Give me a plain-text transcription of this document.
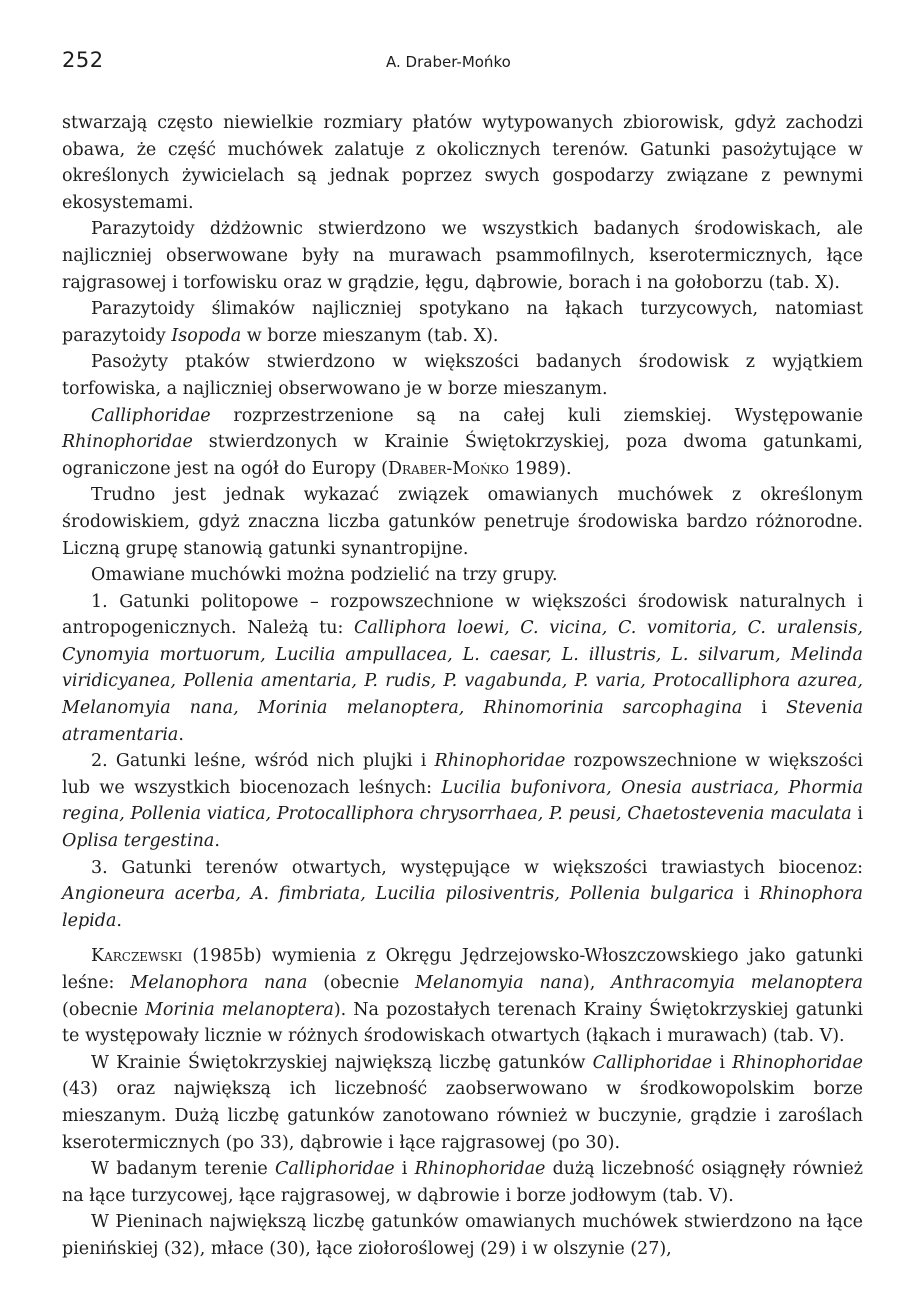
252	A. Draber-Mońko

stwarzają często niewielkie rozmiary płatów wytypowanych zbiorowisk, gdyż zachodzi obawa, że część muchówek zalatuje z okolicznych terenów. Gatunki pasożytujące w określonych żywicielach są jednak poprzez swych gospodarzy związane z pewnymi ekosystemami.

Parazytoidy dżdżownic stwierdzono we wszystkich badanych środowiskach, ale najliczniej obserwowane były na murawach psammofilnych, kserotermicznych, łące rajgrasowej i torfowisku oraz w grądzie, łęgu, dąbrowie, borach i na gołoborzu (tab. X).

Parazytoidy ślimaków najliczniej spotykano na łąkach turzycowych, natomiast parazytoidy Isopoda w borze mieszanym (tab. X).

Pasożyty ptaków stwierdzono w większości badanych środowisk z wyjątkiem torfowiska, a najliczniej obserwowano je w borze mieszanym.

Calliphoridae rozprzestrzenione są na całej kuli ziemskiej. Występowanie Rhinophoridae stwierdzonych w Krainie Świętokrzyskiej, poza dwoma gatunkami, ograniczone jest na ogół do Europy (Draber-Mońko 1989).

Trudno jest jednak wykazać związek omawianych muchówek z określonym środowiskiem, gdyż znaczna liczba gatunków penetruje środowiska bardzo różnorodne. Liczną grupę stanowią gatunki synantropijne.

Omawiane muchówki można podzielić na trzy grupy.

1. Gatunki politopowe – rozpowszechnione w większości środowisk naturalnych i antropogenicznych. Należą tu: Calliphora loewi, C. vicina, C. vomitoria, C. uralensis, Cynomyia mortuorum, Lucilia ampullacea, L. caesar, L. illustris, L. silvarum, Melinda viridicyanea, Pollenia amentaria, P. rudis, P. vagabunda, P. varia, Protocalliphora azurea, Melanomyia nana, Morinia melanoptera, Rhinomorinia sarcophagina i Stevenia atramentaria.

2. Gatunki leśne, wśród nich plujki i Rhinophoridae rozpowszechnione w większości lub we wszystkich biocenozach leśnych: Lucilia bufonivora, Onesia austriaca, Phormia regina, Pollenia viatica, Protocalliphora chrysorrhaea, P. peusi, Chaetostevenia maculata i Oplisa tergestina.

3. Gatunki terenów otwartych, występujące w większości trawiastych biocenoz: Angioneura acerba, A. fimbriata, Lucilia pilosiventris, Pollenia bulgarica i Rhinophora lepida.

Karczewski (1985b) wymienia z Okręgu Jędrzejowsko-Włoszczowskiego jako gatunki leśne: Melanophora nana (obecnie Melanomyia nana), Anthracomyia melanoptera (obecnie Morinia melanoptera). Na pozostałych terenach Krainy Świętokrzyskiej gatunki te występowały licznie w różnych środowiskach otwartych (łąkach i murawach) (tab. V).

W Krainie Świętokrzyskiej największą liczbę gatunków Calliphoridae i Rhinophoridae (43) oraz największą ich liczebność zaobserwowano w środkowopolskim borze mieszanym. Dużą liczbę gatunków zanotowano również w buczynie, grądzie i zaroślach kserotermicznych (po 33), dąbrowie i łące rajgrasowej (po 30).

W badanym terenie Calliphoridae i Rhinophoridae dużą liczebność osiągnęły również na łące turzycowej, łące rajgrasowej, w dąbrowie i borze jodłowym (tab. V).

W Pieninach największą liczbę gatunków omawianych muchówek stwierdzono na łące pienińskiej (32), młace (30), łące ziołoroślowej (29) i w olszynie (27),
